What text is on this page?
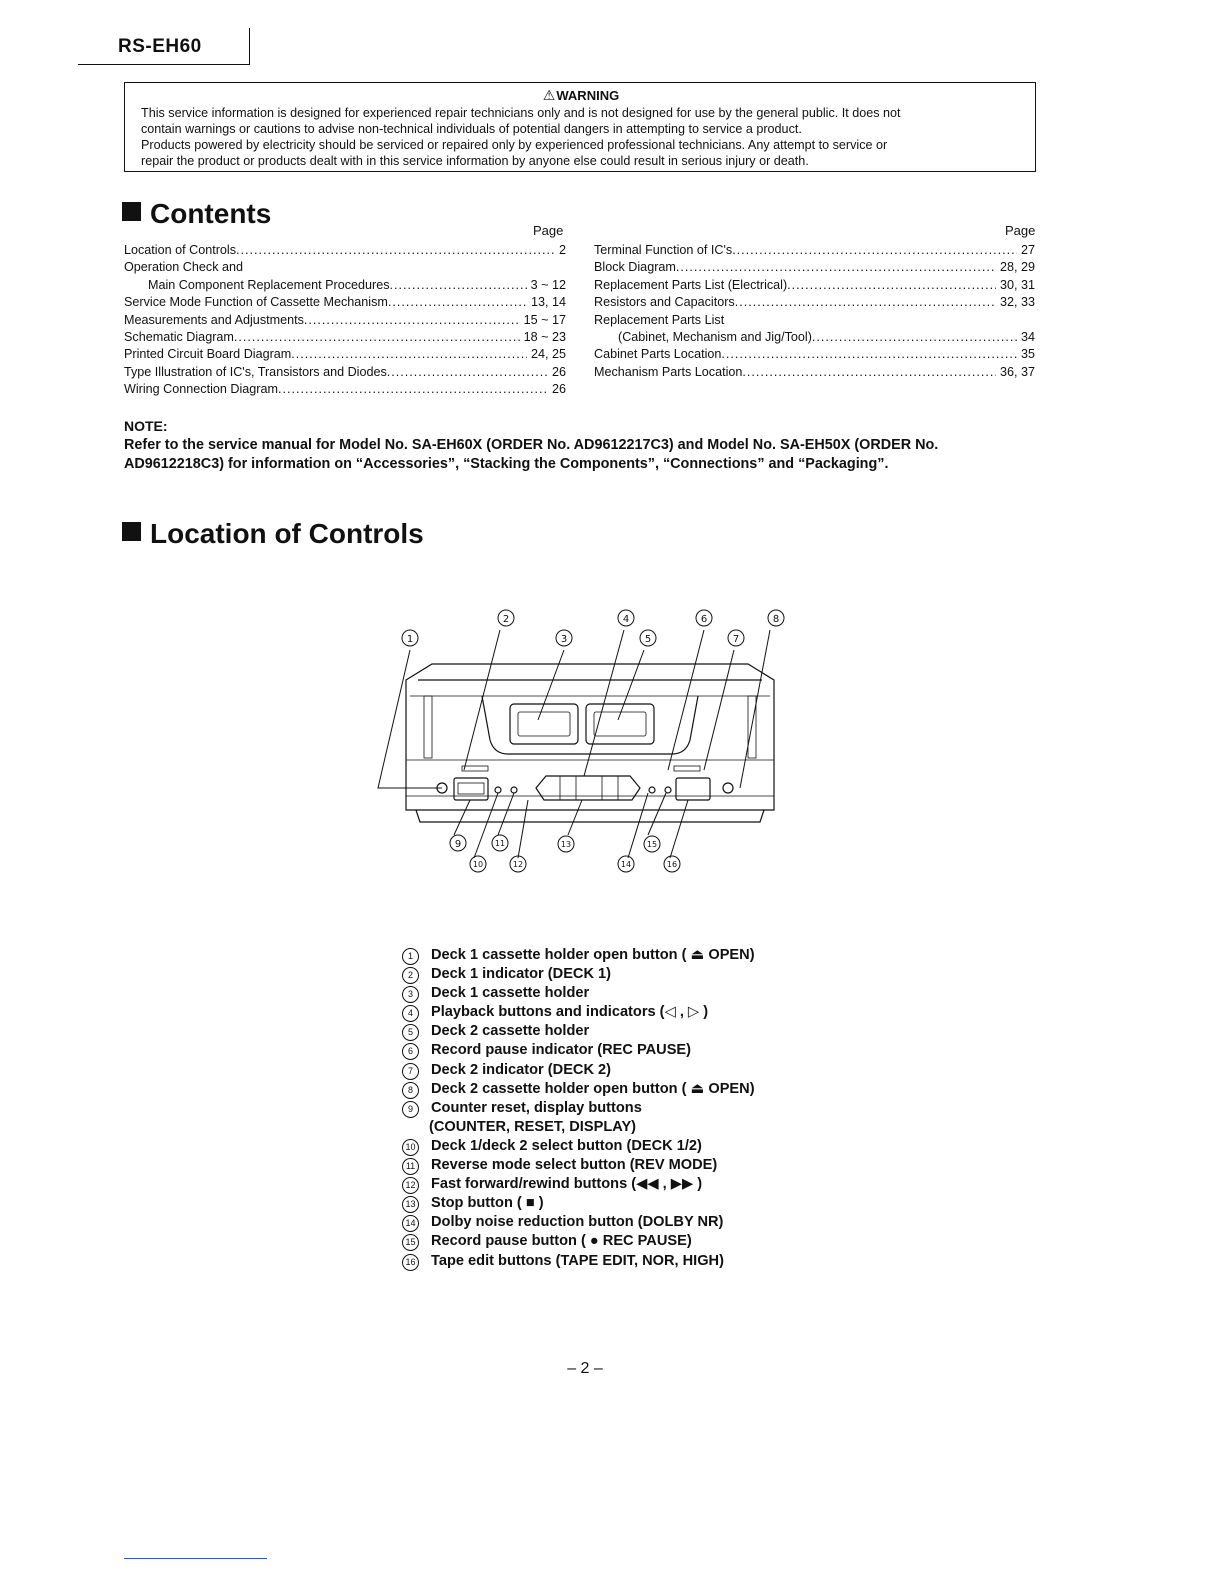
RS-EH60
⚠WARNING
This service information is designed for experienced repair technicians only and is not designed for use by the general public. It does not
contain warnings or cautions to advise non-technical individuals of potential dangers in attempting to service a product.
Products powered by electricity should be serviced or repaired only by experienced professional technicians. Any attempt to service or
repair the product or products dealt with in this service information by anyone else could result in serious injury or death.
Contents
Page	Page
Location of Controls .....	2
Operation Check and
Main Component Replacement Procedures .....	3 ~ 12
Service Mode Function of Cassette Mechanism .....	13, 14
Measurements and Adjustments .....	15 ~ 17
Schematic Diagram .....	18 ~ 23
Printed Circuit Board Diagram .....	24, 25
Type Illustration of IC's, Transistors and Diodes .....	26
Wiring Connection Diagram .....	26
Terminal Function of IC's .....	27
Block Diagram .....	28, 29
Replacement Parts List (Electrical) .....	30, 31
Resistors and Capacitors .....	32, 33
Replacement Parts List
(Cabinet, Mechanism and Jig/Tool) .....	34
Cabinet Parts Location .....	35
Mechanism Parts Location .....	36, 37
NOTE:
Refer to the service manual for Model No. SA-EH60X (ORDER No. AD9612217C3) and Model No. SA-EH50X (ORDER No.
AD9612218C3) for information on “Accessories”, “Stacking the Components”, “Connections” and “Packaging”.
Location of Controls
1
2
3
4
5
6
7
8
9
10
11
12
13
14
15
16
1	Deck 1 cassette holder open button ( ⏏ OPEN)
2	Deck 1 indicator (DECK 1)
3	Deck 1 cassette holder
4	Playback buttons and indicators (◁ , ▷ )
5	Deck 2 cassette holder
6	Record pause indicator (REC PAUSE)
7	Deck 2 indicator (DECK 2)
8	Deck 2 cassette holder open button ( ⏏ OPEN)
9	Counter reset, display buttons
(COUNTER, RESET, DISPLAY)
10 Deck 1/deck 2 select button (DECK 1/2)
11 Reverse mode select button (REV MODE)
12 Fast forward/rewind buttons (◀◀ , ▶▶ )
13 Stop button ( ■ )
14 Dolby noise reduction button (DOLBY NR)
15 Record pause button ( ● REC PAUSE)
16 Tape edit buttons (TAPE EDIT, NOR, HIGH)
– 2 –
